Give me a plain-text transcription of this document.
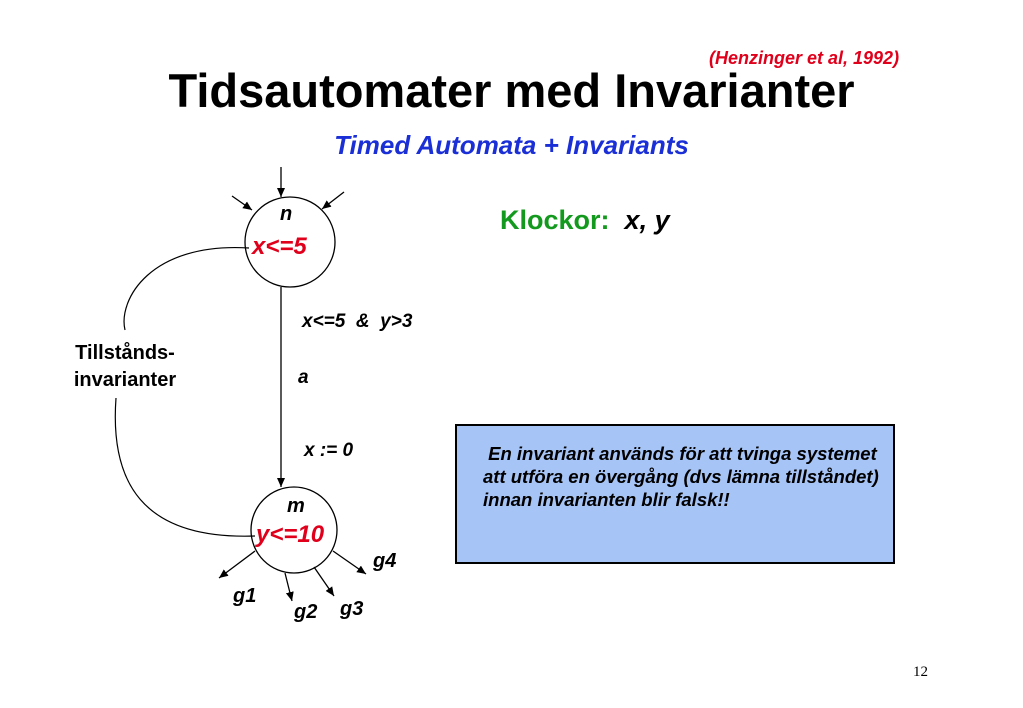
(Henzinger et al, 1992)
Tidsautomater med Invarianter
Timed Automata + Invariants
n
x<=5
m
y<=10
x<=5  &  y>3
a
x := 0
Tillstånds-
invarianter
g1
g2 g3
g4
Klockor: x, y
En invariant används för att tvinga systemet att utföra en övergång (dvs lämna tillståndet) innan invarianten blir falsk!!
12
